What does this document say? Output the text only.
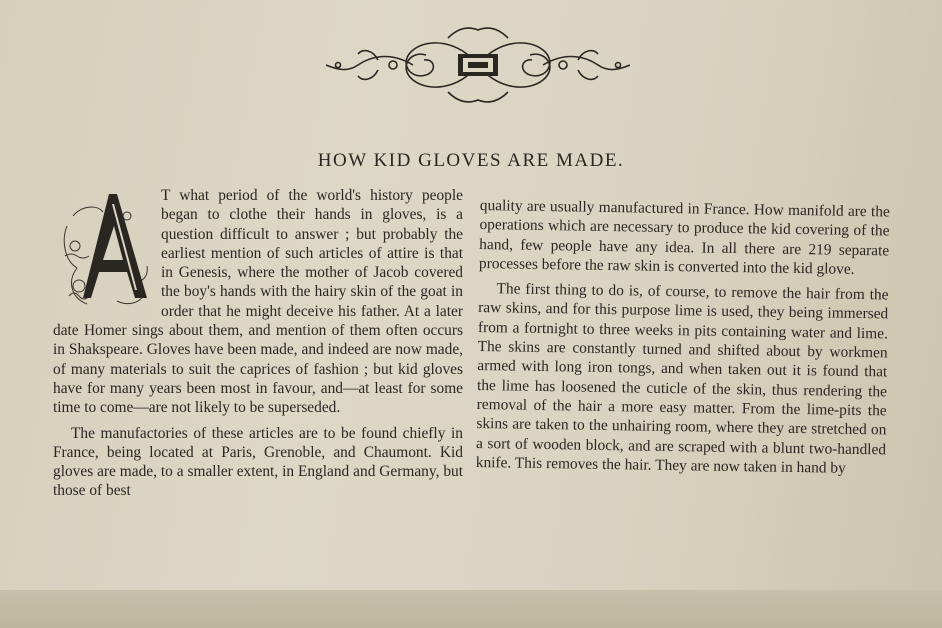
HOW KID GLOVES ARE MADE.

T what period of the world's history people began to clothe their hands in gloves, is a question difficult to answer ; but probably the earliest mention of such articles of attire is that in Genesis, where the mother of Jacob covered the boy's hands with the hairy skin of the goat in order that he might deceive his father. At a later date Homer sings about them, and mention of them often occurs in Shakspeare. Gloves have been made, and indeed are now made, of many materials to suit the caprices of fashion ; but kid gloves have for many years been most in favour, and—at least for some time to come—are not likely to be superseded.

The manufactories of these articles are to be found chiefly in France, being located at Paris, Grenoble, and Chaumont. Kid gloves are made, to a smaller extent, in England and Germany, but those of best

quality are usually manufactured in France. How manifold are the operations which are necessary to produce the kid covering of the hand, few people have any idea. In all there are 219 separate processes before the raw skin is converted into the kid glove.

The first thing to do is, of course, to remove the hair from the raw skins, and for this purpose lime is used, they being immersed from a fortnight to three weeks in pits containing water and lime. The skins are constantly turned and shifted about by workmen armed with long iron tongs, and when taken out it is found that the lime has loosened the cuticle of the skin, thus rendering the removal of the hair a more easy matter. From the lime-pits the skins are taken to the unhairing room, where they are stretched on a sort of wooden block, and are scraped with a blunt two-handled knife. This removes the hair. They are now taken in hand by
